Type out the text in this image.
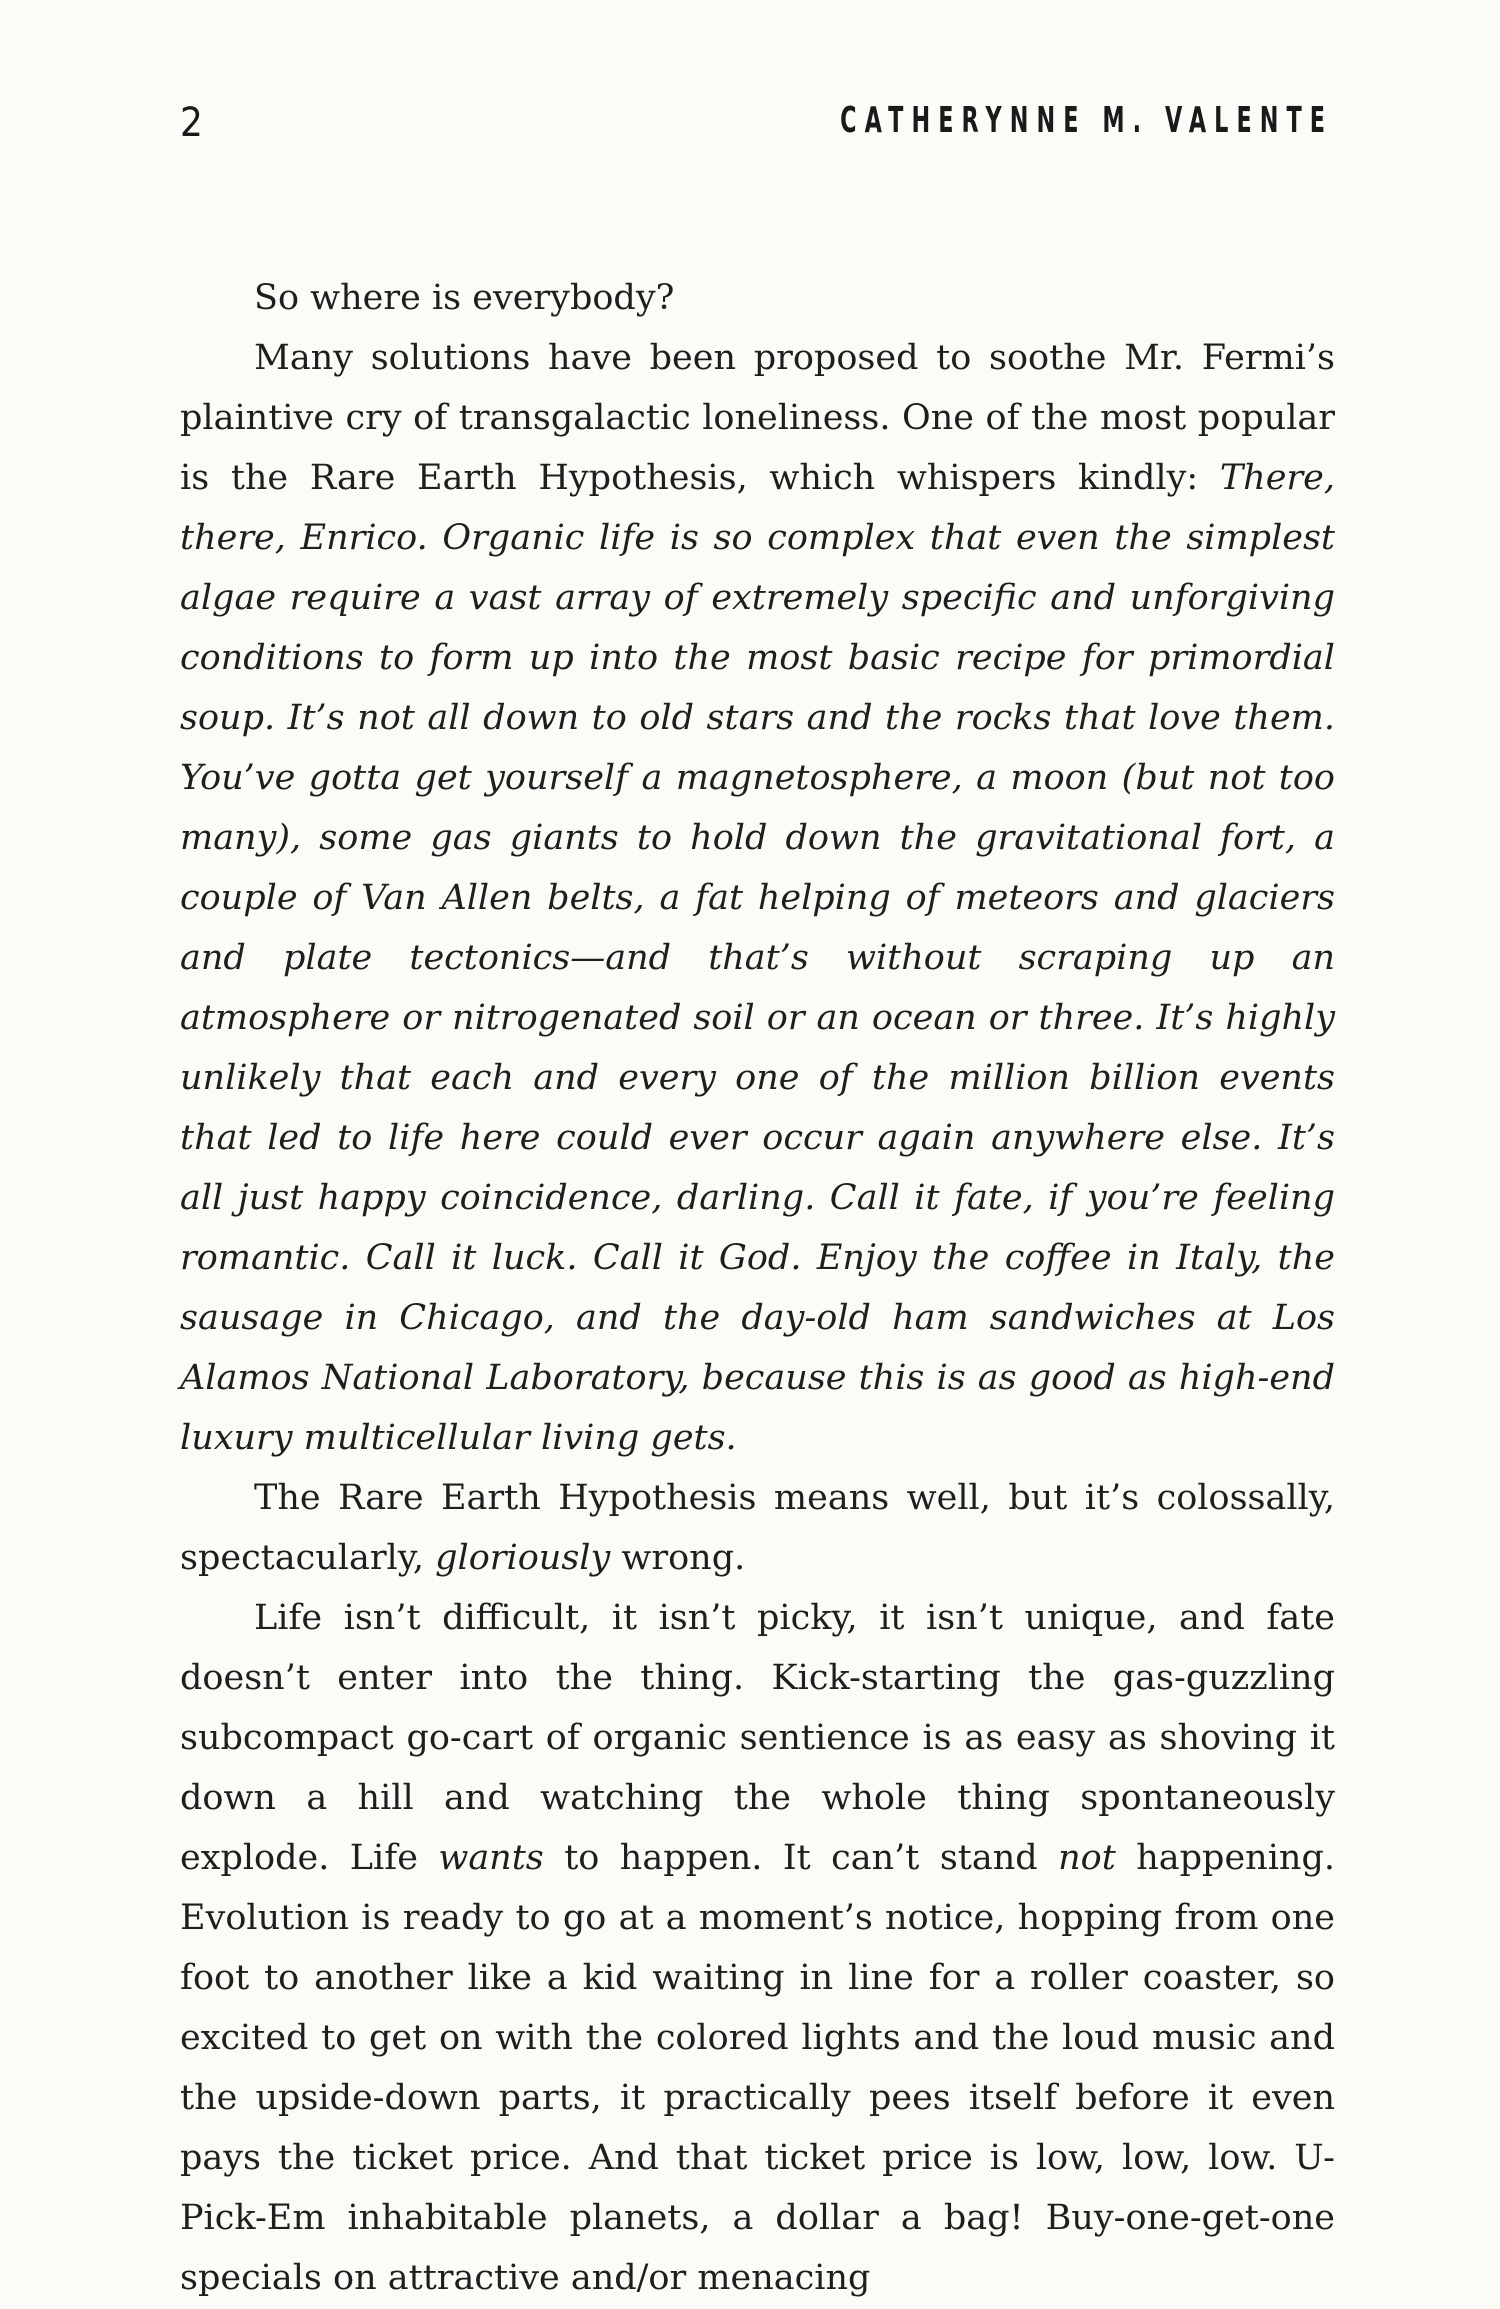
2	CATHERYNNE M. VALENTE

So where is everybody?

Many solutions have been proposed to soothe Mr. Fermi’s plaintive cry of transgalactic loneliness. One of the most popular is the Rare Earth Hypothesis, which whispers kindly: There, there, Enrico. Organic life is so complex that even the simplest algae require a vast array of extremely specific and unforgiving conditions to form up into the most basic recipe for primordial soup. It’s not all down to old stars and the rocks that love them. You’ve gotta get yourself a magnetosphere, a moon (but not too many), some gas giants to hold down the gravitational fort, a couple of Van Allen belts, a fat helping of meteors and glaciers and plate tectonics—and that’s without scraping up an atmosphere or nitrogenated soil or an ocean or three. It’s highly unlikely that each and every one of the million billion events that led to life here could ever occur again anywhere else. It’s all just happy coincidence, darling. Call it fate, if you’re feeling romantic. Call it luck. Call it God. Enjoy the coffee in Italy, the sausage in Chicago, and the day-old ham sandwiches at Los Alamos National Laboratory, because this is as good as high-end luxury multicellular living gets.

The Rare Earth Hypothesis means well, but it’s colossally, spectacularly, gloriously wrong.

Life isn’t difficult, it isn’t picky, it isn’t unique, and fate doesn’t enter into the thing. Kick-starting the gas-guzzling subcompact go-cart of organic sentience is as easy as shoving it down a hill and watching the whole thing spontaneously explode. Life wants to happen. It can’t stand not happening. Evolution is ready to go at a moment’s notice, hopping from one foot to another like a kid waiting in line for a roller coaster, so excited to get on with the colored lights and the loud music and the upside-down parts, it practically pees itself before it even pays the ticket price. And that ticket price is low, low, low. U-Pick-Em inhabitable planets, a dollar a bag! Buy-one-get-one specials on attractive and/or menacing
